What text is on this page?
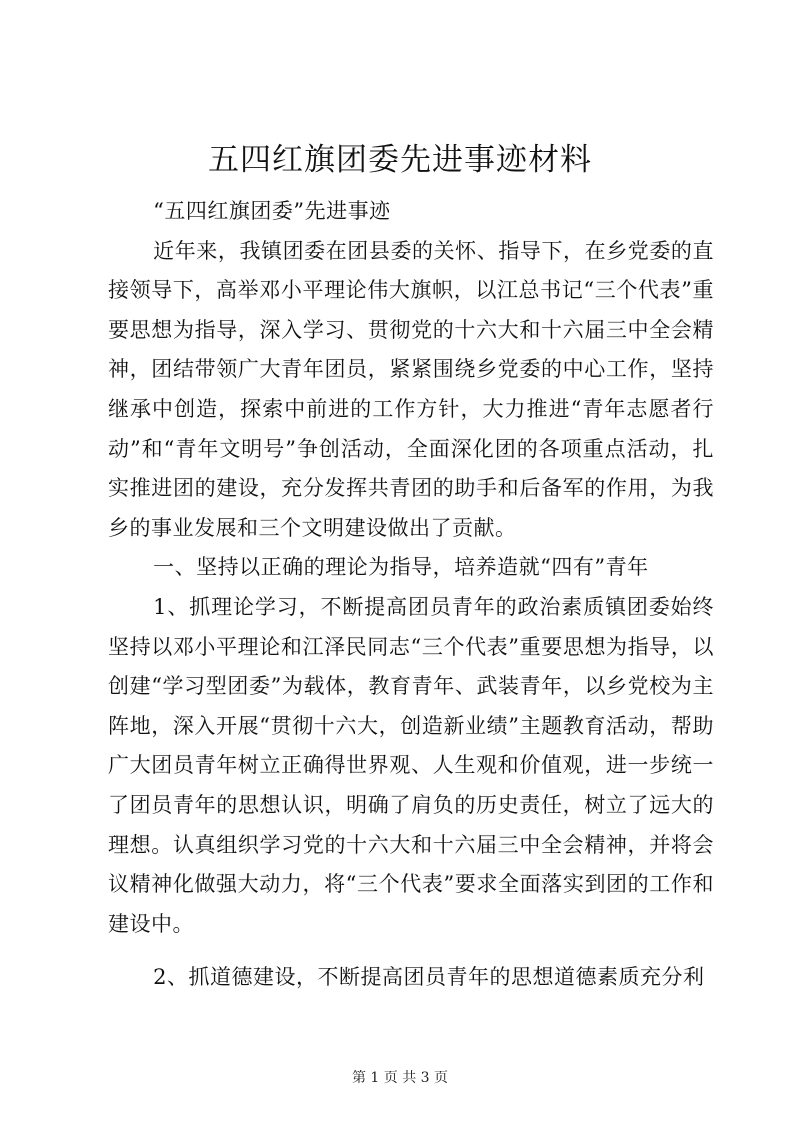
五四红旗团委先进事迹材料

“五四红旗团委”先进事迹

近年来，我镇团委在团县委的关怀、指导下，在乡党委的直接领导下，高举邓小平理论伟大旗帜，以江总书记“三个代表”重要思想为指导，深入学习、贯彻党的十六大和十六届三中全会精神，团结带领广大青年团员，紧紧围绕乡党委的中心工作，坚持继承中创造，探索中前进的工作方针，大力推进“青年志愿者行动”和“青年文明号”争创活动，全面深化团的各项重点活动，扎实推进团的建设，充分发挥共青团的助手和后备军的作用，为我乡的事业发展和三个文明建设做出了贡献。

一、坚持以正确的理论为指导，培养造就“四有”青年

1、抓理论学习，不断提高团员青年的政治素质镇团委始终坚持以邓小平理论和江泽民同志“三个代表”重要思想为指导，以创建“学习型团委”为载体，教育青年、武装青年，以乡党校为主阵地，深入开展“贯彻十六大，创造新业绩”主题教育活动，帮助广大团员青年树立正确得世界观、人生观和价值观，进一步统一了团员青年的思想认识，明确了肩负的历史责任，树立了远大的理想。认真组织学习党的十六大和十六届三中全会精神，并将会议精神化做强大动力，将“三个代表”要求全面落实到团的工作和建设中。

2、抓道德建设，不断提高团员青年的思想道德素质充分利

第 1 页 共 3 页
